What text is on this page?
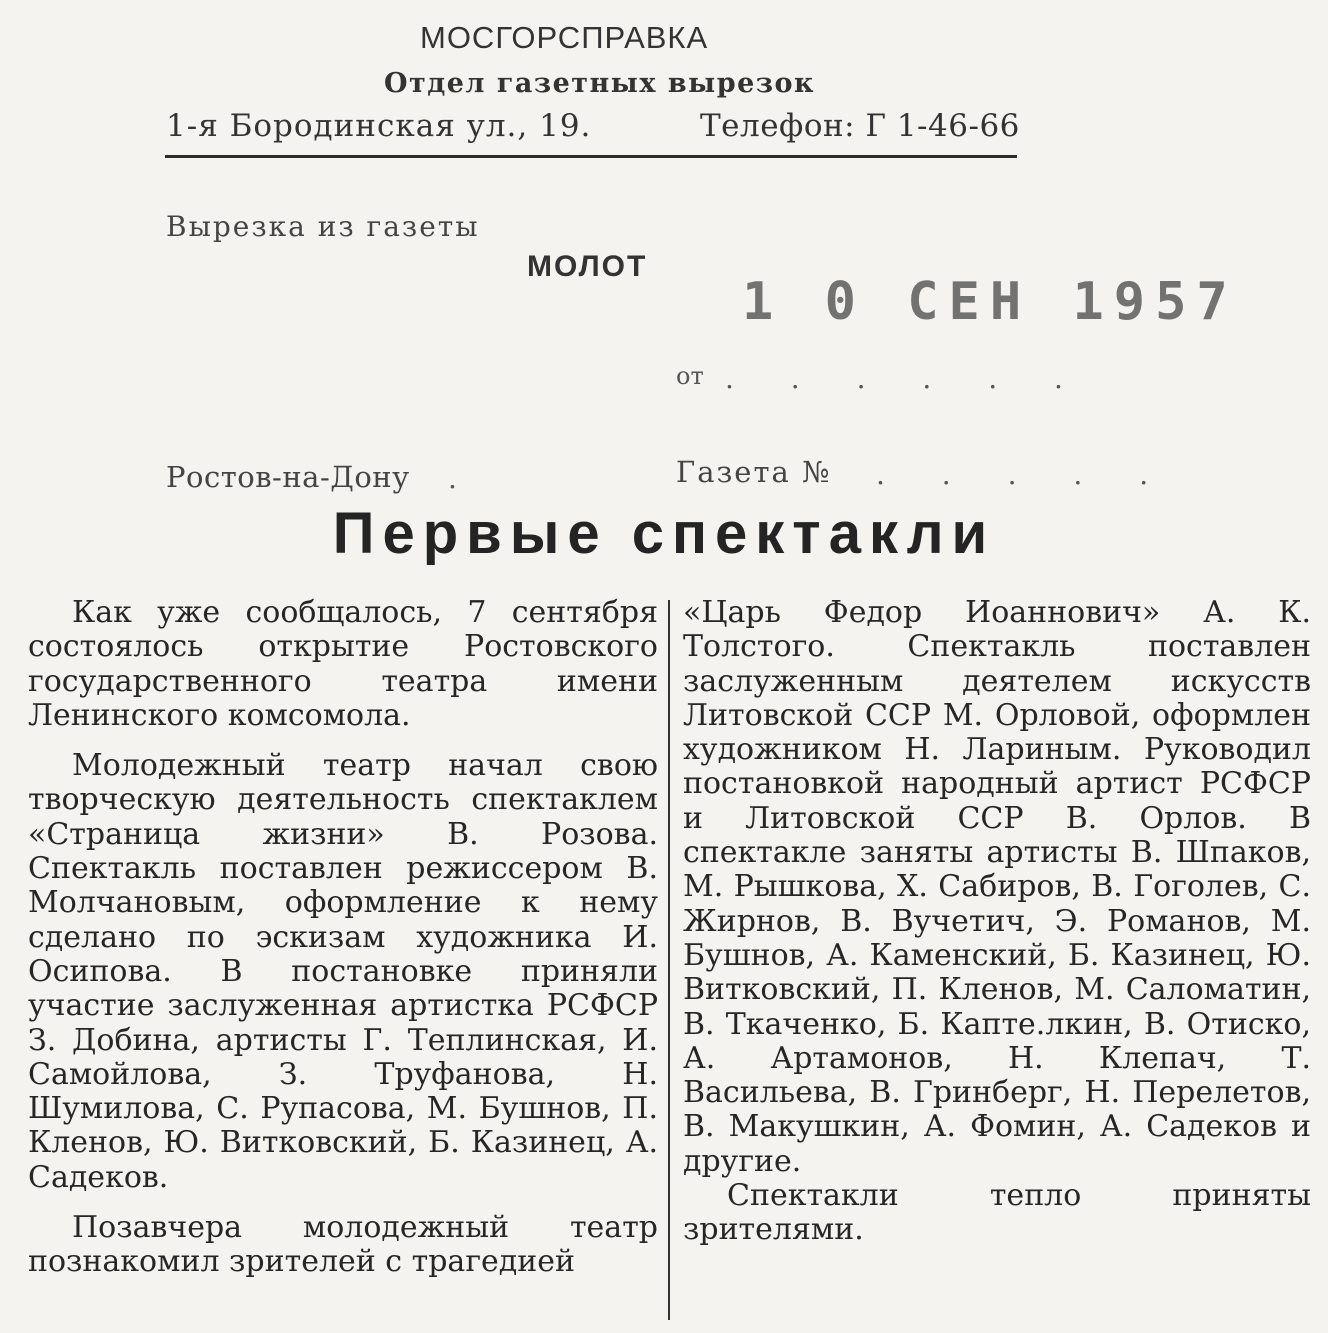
МОСГОРСПРАВКА
Отдел газетных вырезок
1-я Бородинская ул., 19.	Телефон: Г 1-46-66
Вырезка из газеты
МОЛОТ
1 0 СЕН 1957
от . . . . . .
Ростов-на-Дону .	Газета № . . . . .
Первые спектакли

Как уже сообщалось, 7 сентября состоялось открытие Ростовского государственного театра имени Ленинского комсомола.

Молодежный театр начал свою творческую деятельность спектаклем «Страница жизни» В. Розова. Спектакль поставлен режиссером В. Молчановым, оформление к нему сделано по эскизам художника И. Осипова. В постановке приняли участие заслуженная артистка РСФСР З. Добина, артисты Г. Теплинская, И. Самойлова, З. Труфанова, Н. Шумилова, С. Рупасова, М. Бушнов, П. Кленов, Ю. Витковский, Б. Казинец, А. Садеков.

Позавчера молодежный театр познакомил зрителей с трагедией

«Царь Федор Иоаннович» А. К. Толстого. Спектакль поставлен заслуженным деятелем искусств Литовской ССР М. Орловой, оформлен художником Н. Лариным. Руководил постановкой народный артист РСФСР и Литовской ССР В. Орлов. В спектакле заняты артисты В. Шпаков, М. Рышкова, Х. Сабиров, В. Гоголев, С. Жирнов, В. Вучетич, Э. Романов, М. Бушнов, А. Каменский, Б. Казинец, Ю. Витковский, П. Кленов, М. Саломатин, В. Ткаченко, Б. Капте.лкин, В. Отиско, А. Артамонов, Н. Клепач, Т. Васильева, В. Гринберг, Н. Перелетов, В. Макушкин, А. Фомин, А. Садеков и другие.

Спектакли тепло приняты зрителями.
